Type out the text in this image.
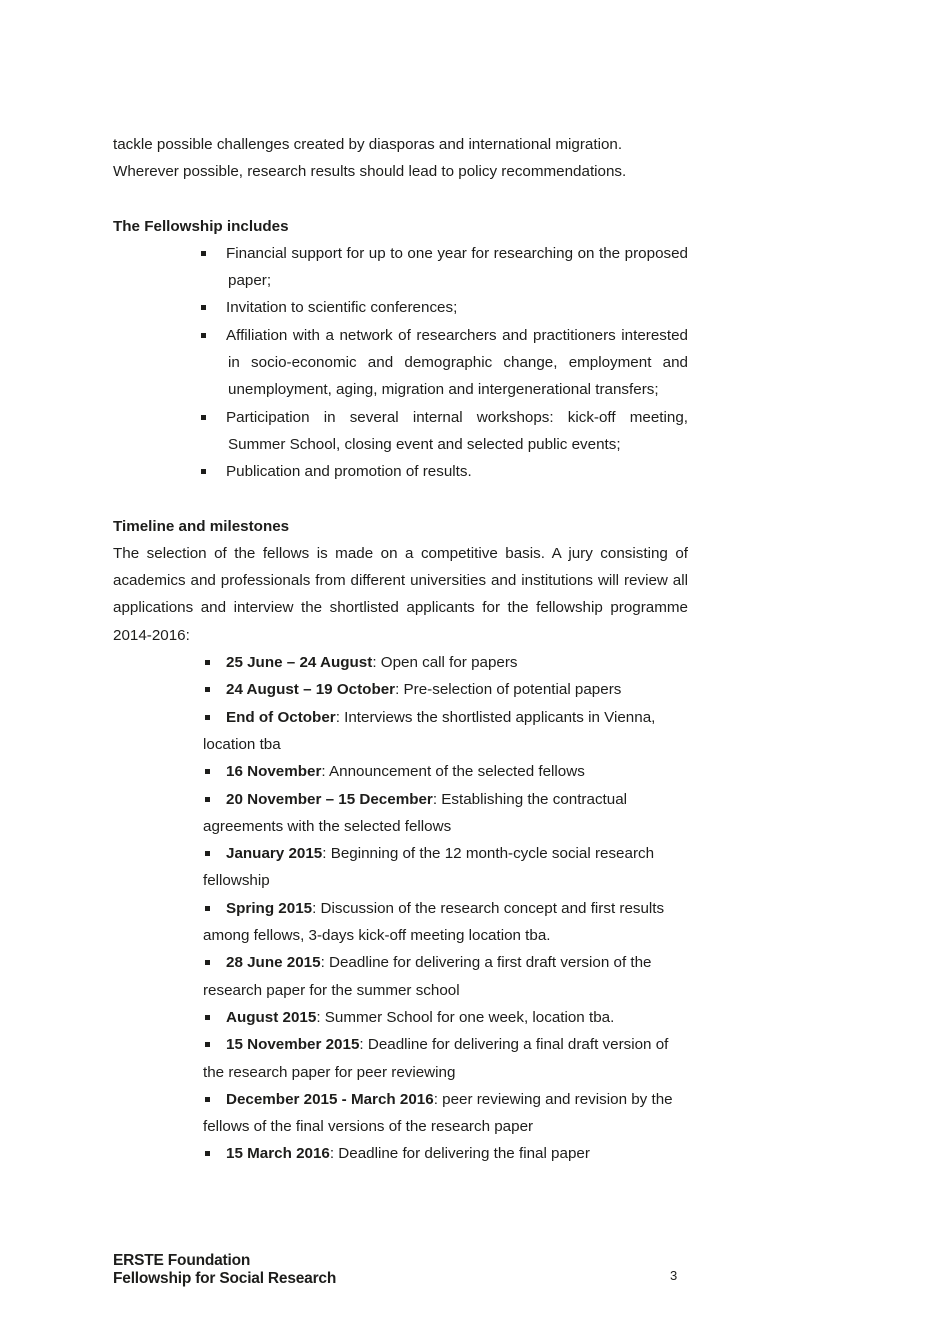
tackle possible challenges created by diasporas and international migration.
Wherever possible, research results should lead to policy recommendations.

The Fellowship includes

Financial support for up to one year for researching on the proposed paper;
Invitation to scientific conferences;
Affiliation with a network of researchers and practitioners interested in socio-economic and demographic change, employment and unemployment, aging, migration and intergenerational transfers;
Participation in several internal workshops: kick-off meeting, Summer School, closing event and selected public events;
Publication and promotion of results.

Timeline and milestones

The selection of the fellows is made on a competitive basis. A jury consisting of academics and professionals from different universities and institutions will review all applications and interview the shortlisted applicants for the fellowship programme 2014-2016:

25 June – 24 August: Open call for papers
24 August – 19 October: Pre-selection of potential papers
End of October: Interviews the shortlisted applicants in Vienna, location tba
16 November: Announcement of the selected fellows
20 November – 15 December: Establishing the contractual agreements with the selected fellows
January 2015: Beginning of the 12 month-cycle social research fellowship
Spring 2015: Discussion of the research concept and first results among fellows, 3-days kick-off meeting location tba.
28 June 2015: Deadline for delivering a first draft version of the research paper for the summer school
August 2015: Summer School for one week, location tba.
15 November 2015: Deadline for delivering a final draft version of the research paper for peer reviewing
December 2015 - March 2016: peer reviewing and revision by the fellows of the final versions of the research paper
15 March 2016: Deadline for delivering the final paper
ERSTE Foundation
Fellowship for Social Research	3
